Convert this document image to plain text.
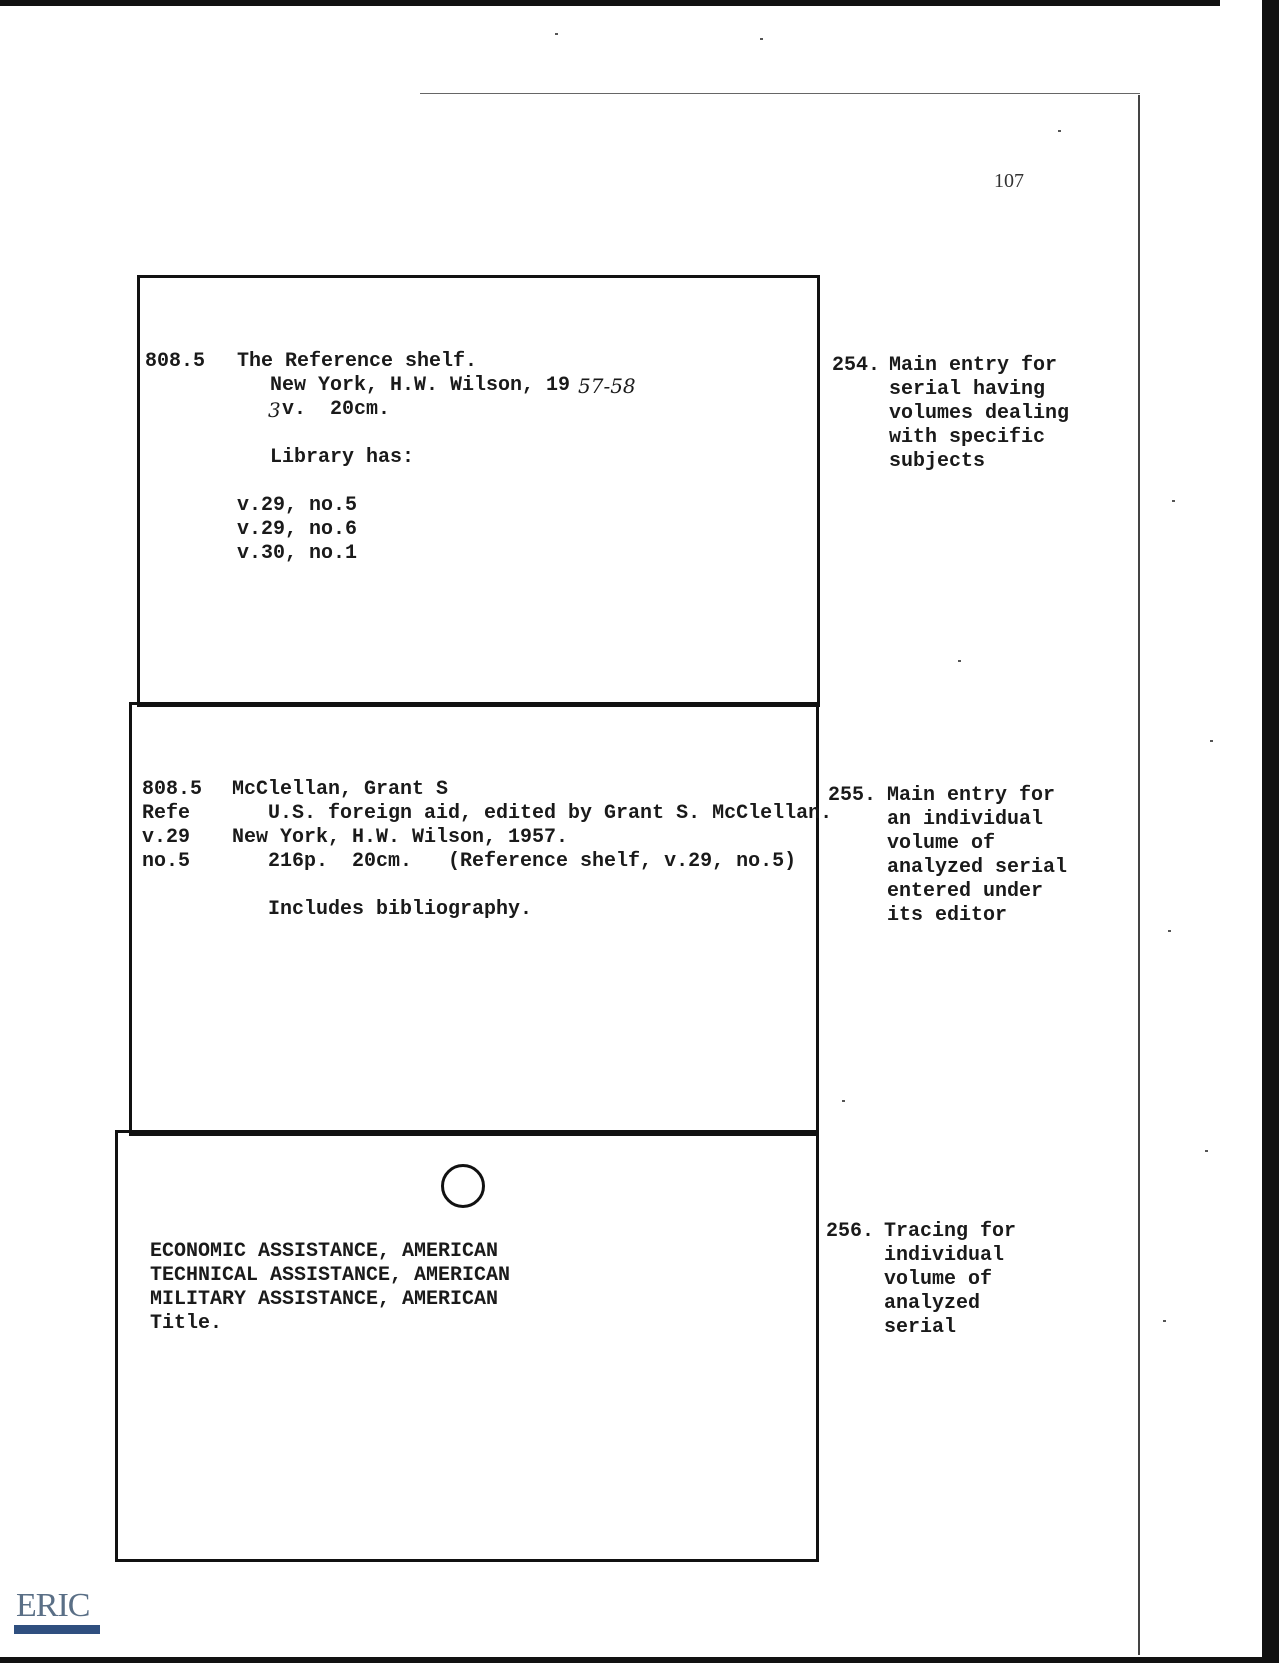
107
808.5 The Reference shelf.
New York, H.W. Wilson, 19 57-58
3 v.  20cm.
Library has:
v.29, no.5
v.29, no.6
v.30, no.1
808.5
Refe
v.29
no.5
McClellan, Grant S
U.S. foreign aid, edited by Grant S. McClellan.
New York, H.W. Wilson, 1957.
216p.  20cm.   (Reference shelf, v.29, no.5)
Includes bibliography.
ECONOMIC ASSISTANCE, AMERICAN
TECHNICAL ASSISTANCE, AMERICAN
MILITARY ASSISTANCE, AMERICAN
Title.
254. Main entry for
serial having
volumes dealing
with specific
subjects
255. Main entry for
an individual
volume of
analyzed serial
entered under
its editor
256. Tracing for
individual
volume of
analyzed
serial
ERIC
